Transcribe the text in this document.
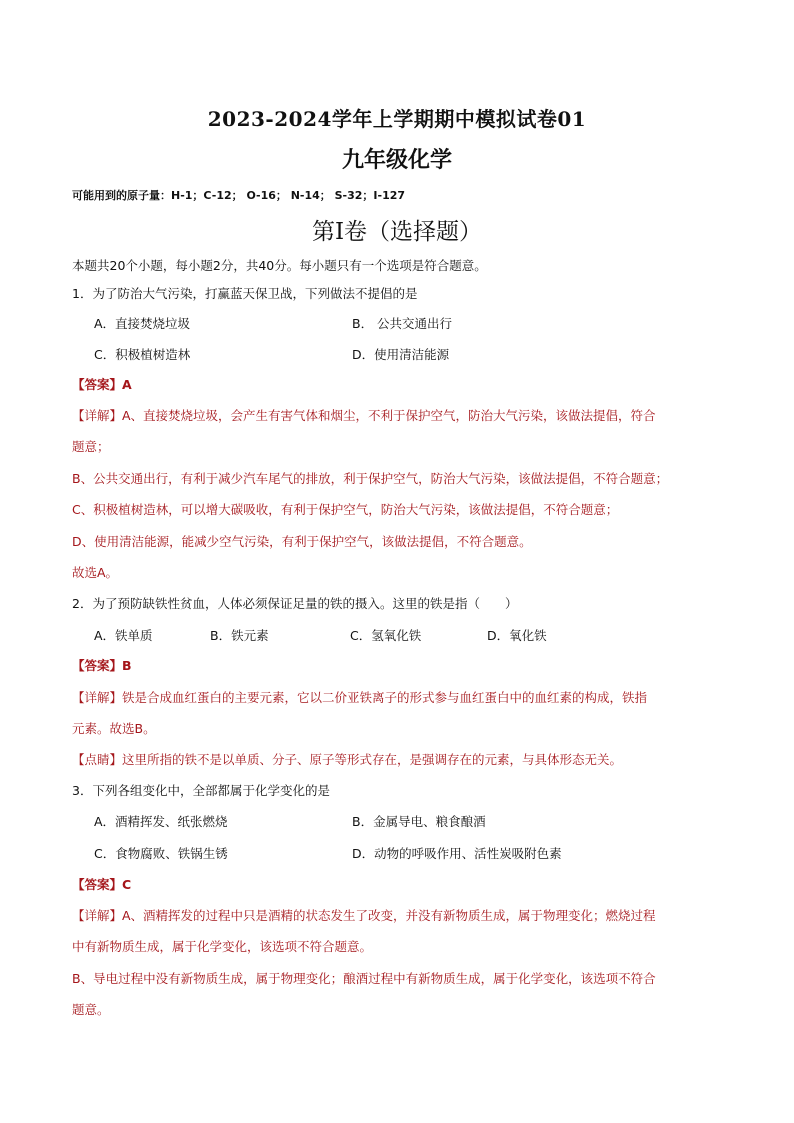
2023-2024学年上学期期中模拟试卷01
九年级化学
可能用到的原子量：H-1；C-12； O-16； N-14； S-32；I-127
第Ⅰ卷（选择题）
本题共20个小题，每小题2分，共40分。每小题只有一个选项是符合题意。
1．为了防治大气污染，打赢蓝天保卫战，下列做法不提倡的是
A．直接焚烧垃圾	B． 公共交通出行
C．积极植树造林	D．使用清洁能源
【答案】A
【详解】A、直接焚烧垃圾，会产生有害气体和烟尘，不利于保护空气，防治大气污染，该做法提倡，符合
题意；
B、公共交通出行，有利于减少汽车尾气的排放，利于保护空气，防治大气污染，该做法提倡，不符合题意；
C、积极植树造林，可以增大碳吸收，有利于保护空气，防治大气污染，该做法提倡，不符合题意；
D、使用清洁能源，能减少空气污染，有利于保护空气，该做法提倡，不符合题意。
故选A。
2．为了预防缺铁性贫血，人体必须保证足量的铁的摄入。这里的铁是指（　　）
A．铁单质	B．铁元素	C．氢氧化铁	D．氧化铁
【答案】B
【详解】铁是合成血红蛋白的主要元素，它以二价亚铁离子的形式参与血红蛋白中的血红素的构成，铁指
元素。故选B。
【点睛】这里所指的铁不是以单质、分子、原子等形式存在，是强调存在的元素，与具体形态无关。
3．下列各组变化中，全部都属于化学变化的是
A．酒精挥发、纸张燃烧	B．金属导电、粮食酿酒
C．食物腐败、铁锅生锈	D．动物的呼吸作用、活性炭吸附色素
【答案】C
【详解】A、酒精挥发的过程中只是酒精的状态发生了改变，并没有新物质生成，属于物理变化；燃烧过程
中有新物质生成，属于化学变化，该选项不符合题意。
B、导电过程中没有新物质生成，属于物理变化；酿酒过程中有新物质生成，属于化学变化，该选项不符合
题意。
